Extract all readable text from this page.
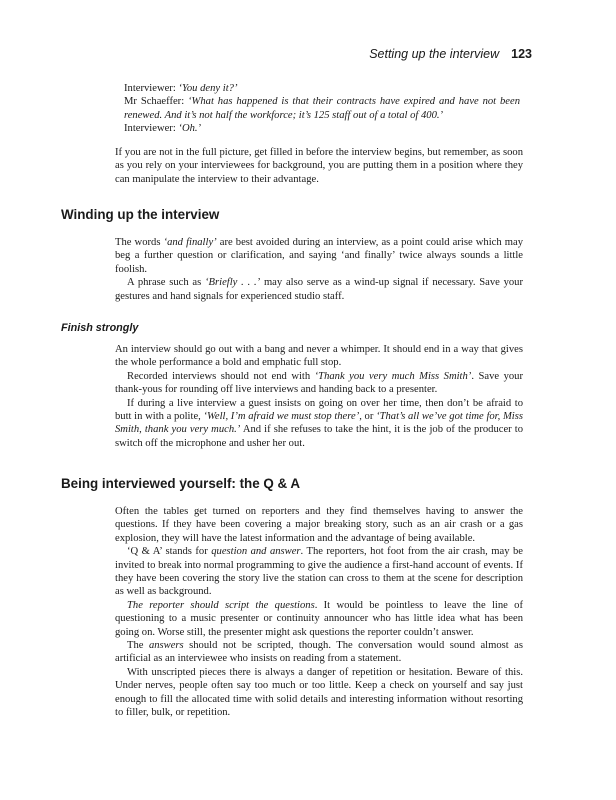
Setting up the interview 123

Interviewer: ‘You deny it?’

Mr Schaeffer: ‘What has happened is that their contracts have expired and have not been renewed. And it’s not half the workforce; it’s 125 staff out of a total of 400.’

Interviewer: ‘Oh.’

If you are not in the full picture, get filled in before the interview begins, but remember, as soon as you rely on your interviewees for background, you are putting them in a position where they can manipulate the interview to their advantage.

Winding up the interview

The words ‘and finally’ are best avoided during an interview, as a point could arise which may beg a further question or clarification, and saying ‘and finally’ twice always sounds a little foolish.

A phrase such as ‘Briefly . . .’ may also serve as a wind-up signal if necessary. Save your gestures and hand signals for experienced studio staff.

Finish strongly

An interview should go out with a bang and never a whimper. It should end in a way that gives the whole performance a bold and emphatic full stop.

Recorded interviews should not end with ‘Thank you very much Miss Smith’. Save your thank-yous for rounding off live interviews and handing back to a presenter.

If during a live interview a guest insists on going on over her time, then don’t be afraid to butt in with a polite, ‘Well, I’m afraid we must stop there’, or ‘That’s all we’ve got time for, Miss Smith, thank you very much.’ And if she refuses to take the hint, it is the job of the producer to switch off the microphone and usher her out.

Being interviewed yourself: the Q & A

Often the tables get turned on reporters and they find themselves having to answer the questions. If they have been covering a major breaking story, such as an air crash or a gas explosion, they will have the latest information and the advantage of being available.

‘Q & A’ stands for question and answer. The reporters, hot foot from the air crash, may be invited to break into normal programming to give the audience a first-hand account of events. If they have been covering the story live the station can cross to them at the scene for description as well as background.

The reporter should script the questions. It would be pointless to leave the line of questioning to a music presenter or continuity announcer who has little idea what has been going on. Worse still, the presenter might ask questions the reporter couldn’t answer.

The answers should not be scripted, though. The conversation would sound almost as artificial as an interviewee who insists on reading from a statement.

With unscripted pieces there is always a danger of repetition or hesitation. Beware of this. Under nerves, people often say too much or too little. Keep a check on yourself and say just enough to fill the allocated time with solid details and interesting information without resorting to filler, bulk, or repetition.
